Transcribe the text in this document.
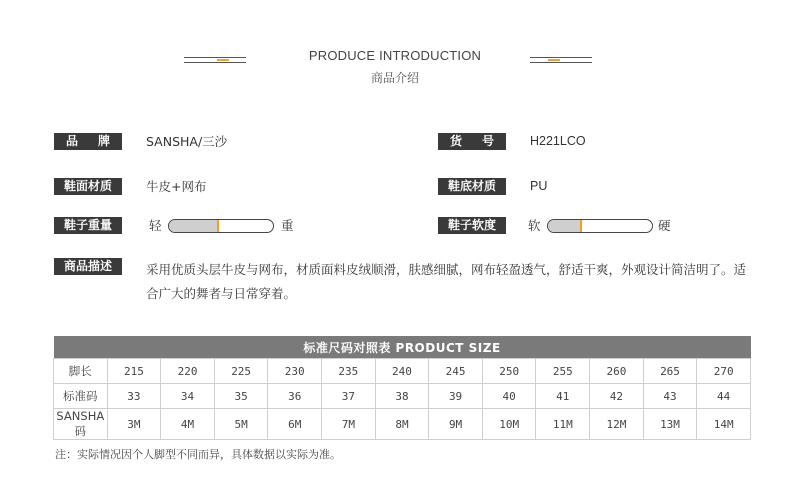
PRODUCE INTRODUCTION
商品介绍
品 牌	SANSHA/三沙	货 号	H221LCO
鞋面材质	牛皮+网布	鞋底材质	PU
鞋子重量	轻	重	鞋子软度	软	硬
商品描述	采用优质头层牛皮与网布，材质面料皮绒顺滑，肤感细腻，网布轻盈透气，舒适干爽，外观设计简洁明了。适合广大的舞者与日常穿着。
标准尺码对照表 PRODUCT SIZE												
脚长	215	220	225	230	235	240	245	250	255	260	265	270
标准码	33	34	35	36	37	38	39	40	41	42	43	44
SANSHA码	3M	4M	5M	6M	7M	8M	9M	10M	11M	12M	13M	14M
注：实际情况因个人脚型不同而异，具体数据以实际为准。
